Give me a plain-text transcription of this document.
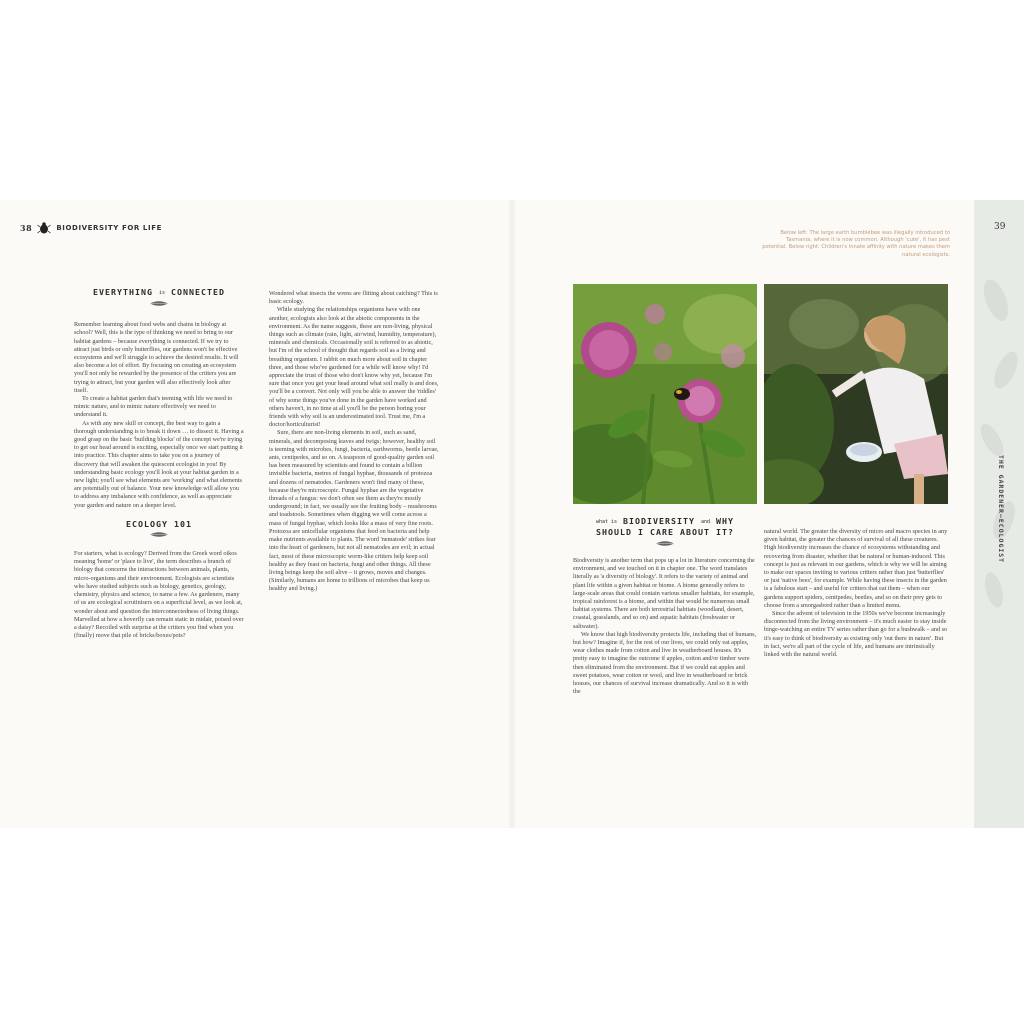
38	BIODIVERSITY FOR LIFE
EVERYTHING is CONNECTED

Remember learning about food webs and chains in biology at school? Well, this is the type of thinking we need to bring to our habitat gardens – because everything is connected. If we try to attract just birds or only butterflies, our gardens won't be effective ecosystems and we'll struggle to achieve the desired results. It will also become a lot of effort. By focusing on creating an ecosystem you'll not only be rewarded by the presence of the critters you are trying to attract, but your garden will also effectively look after itself.

To create a habitat garden that's teeming with life we need to mimic nature, and to mimic nature effectively we need to understand it.

As with any new skill or concept, the best way to gain a thorough understanding is to break it down … to dissect it. Having a good grasp on the basic 'building blocks' of the concept we're trying to get our head around is exciting, especially once we start putting it into practice. This chapter aims to take you on a journey of discovery that will awaken the quiescent ecologist in you! By understanding basic ecology you'll look at your habitat garden in a new light; you'll see what elements are 'working' and what elements are potentially out of balance. Your new knowledge will allow you to address any imbalance with confidence, as well as appreciate your garden and nature on a deeper level.

ECOLOGY 101

For starters, what is ecology? Derived from the Greek word oikos meaning 'home' or 'place to live', the term describes a branch of biology that concerns the interactions between animals, plants, micro-organisms and their environment. Ecologists are scientists who have studied subjects such as biology, genetics, geology, chemistry, physics and science, to name a few. As gardeners, many of us are ecological scrutinisers on a superficial level, as we look at, wonder about and question the interconnectedness of living things. Marvelled at how a hoverfly can remain static in midair, poised over a daisy? Recoiled with surprise at the critters you find when you (finally) move that pile of bricks/boxes/pots?

Wondered what insects the wrens are flitting about catching? This is basic ecology.

While studying the relationships organisms have with one another, ecologists also look at the abiotic components in the environment. As the name suggests, these are non-living, physical things such as climate (rain, light, air/wind, humidity, temperature), minerals and chemicals. Occasionally soil is referred to as abiotic, but I'm of the school of thought that regards soil as a living and breathing organism. I rabbit on much more about soil in chapter three, and those who've gardened for a while will know why! I'd appreciate the trust of those who don't know why yet, because I'm sure that once you get your head around what soil really is and does, you'll be a convert. Not only will you be able to answer the 'riddles' of why some things you've done in the garden have worked and others haven't, in no time at all you'll be the person boring your friends with why soil is an underestimated tool. Trust me, I'm a doctor/horticulturist!

Sure, there are non-living elements in soil, such as sand, minerals, and decomposing leaves and twigs; however, healthy soil is teeming with microbes, fungi, bacteria, earthworms, beetle larvae, ants, centipedes, and so on. A teaspoon of good-quality garden soil has been measured by scientists and found to contain a billion invisible bacteria, metres of fungal hyphae, thousands of protozoa and dozens of nematodes. Gardeners won't find many of these, because they're microscopic. Fungal hyphae are the vegetative threads of a fungus: we don't often see them as they're mostly underground; in fact, we usually see the fruiting body – mushrooms and toadstools. Sometimes when digging we will come across a mass of fungal hyphae, which looks like a mass of very fine roots. Protozoa are unicellular organisms that feed on bacteria and help make nutrients available to plants. The word 'nematode' strikes fear into the heart of gardeners, but not all nematodes are evil; in actual fact, most of these microscopic worm-like critters help keep soil healthy as they feast on bacteria, fungi and other things. All these living beings keep the soil alive – it grows, moves and changes. (Similarly, humans are home to trillions of microbes that keep us healthy and living.)

39
THE GARDENER—ECOLOGIST
Below left: The large earth bumblebee was illegally introduced to Tasmania, where it is now common. Although 'cute', it has pest potential. Below right: Children's innate affinity with nature makes them natural ecologists.
what is BIODIVERSITY and WHY
SHOULD I CARE ABOUT IT?

Biodiversity is another term that pops up a lot in literature concerning the environment, and we touched on it in chapter one. The word translates literally as 'a diversity of biology'. It refers to the variety of animal and plant life within a given habitat or biome. A biome generally refers to large-scale areas that could contain various smaller habitats, for example, tropical rainforest is a biome, and within that would be numerous small habitat systems. There are both terrestrial habitats (woodland, desert, coastal, grasslands, and so on) and aquatic habitats (freshwater or saltwater).

We know that high biodiversity protects life, including that of humans, but how? Imagine if, for the rest of our lives, we could only eat apples, wear clothes made from cotton and live in weatherboard houses. It's pretty easy to imagine the outcome if apples, cotton and/or timber were then eliminated from the environment. But if we could eat apples and sweet potatoes, wear cotton or wool, and live in weatherboard or brick houses, our chances of survival increase dramatically. And so it is with the

natural world. The greater the diversity of micro and macro species in any given habitat, the greater the chances of survival of all these creatures. High biodiversity increases the chance of ecosystems withstanding and recovering from disaster, whether that be natural or human-induced. This concept is just as relevant in our gardens, which is why we will be aiming to make our spaces inviting to various critters rather than just 'butterflies' or just 'native bees', for example. While having these insects in the garden is a fabulous start – and useful for critters that eat them – when our gardens support spiders, centipedes, beetles, and so on their prey gets to choose from a smorgasbord rather than a limited menu.

Since the advent of television in the 1950s we've become increasingly disconnected from the living environment – it's much easier to stay inside binge-watching an entire TV series rather than go for a bushwalk – and so it's easy to think of biodiversity as existing only 'out there in nature'. But in fact, we're all part of the cycle of life, and humans are intrinsically linked with the natural world.
